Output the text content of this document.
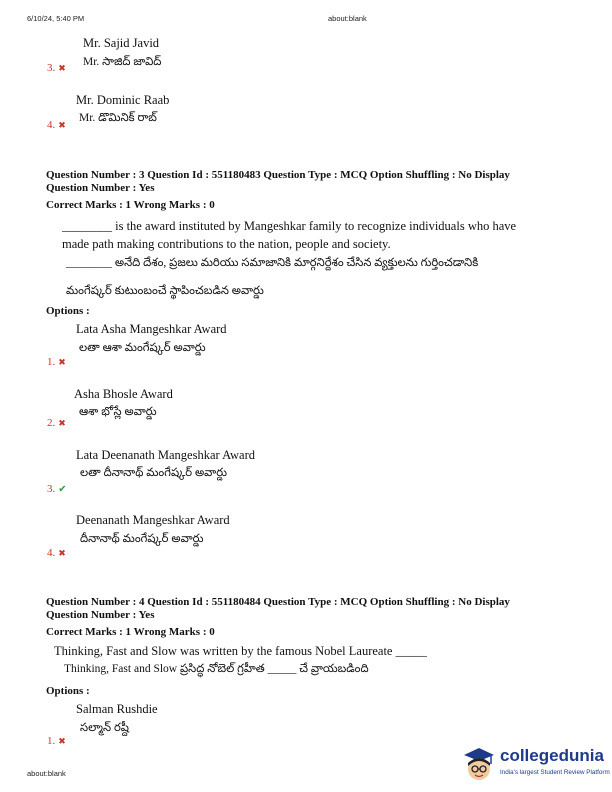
6/10/24, 5:40 PM	about:blank
Mr. Sajid Javid
3. ✖
Mr. సాజిద్ జావిద్
Mr. Dominic Raab
4. ✖
Mr. డొమినిక్ రాబ్
Question Number : 3 Question Id : 551180483 Question Type : MCQ Option Shuffling : No Display
Question Number : Yes
Correct Marks : 1 Wrong Marks : 0
________ is the award instituted by Mangeshkar family to recognize individuals who have
made path making contributions to the nation, people and society.
________ అనేది దేశం, ప్రజలు మరియు సమాజానికి మార్గనిర్దేశం చేసిన వ్యక్తులను గుర్తించడానికి
మంగేష్కర్ కుటుంబంచే స్థాపించబడిన అవార్డు
Options :
Lata Asha Mangeshkar Award
లతా ఆశా మంగేష్కర్ అవార్డు
1. ✖
Asha Bhosle Award
ఆశా భోస్లే అవార్డు
2. ✖
Lata Deenanath Mangeshkar Award
లతా దీనానాథ్ మంగేష్కర్ అవార్డు
3. ✔
Deenanath Mangeshkar Award
దీనానాథ్ మంగేష్కర్ అవార్డు
4. ✖
Question Number : 4 Question Id : 551180484 Question Type : MCQ Option Shuffling : No Display
Question Number : Yes
Correct Marks : 1 Wrong Marks : 0
Thinking, Fast and Slow was written by the famous Nobel Laureate _____
Thinking, Fast and Slow ప్రసిద్ధ నోబెల్ గ్రహీత _____ చే వ్రాయబడింది
Options :
Salman Rushdie
సల్మాన్ రష్దీ
1. ✖
about:blank
collegedunia
India's largest Student Review Platform
